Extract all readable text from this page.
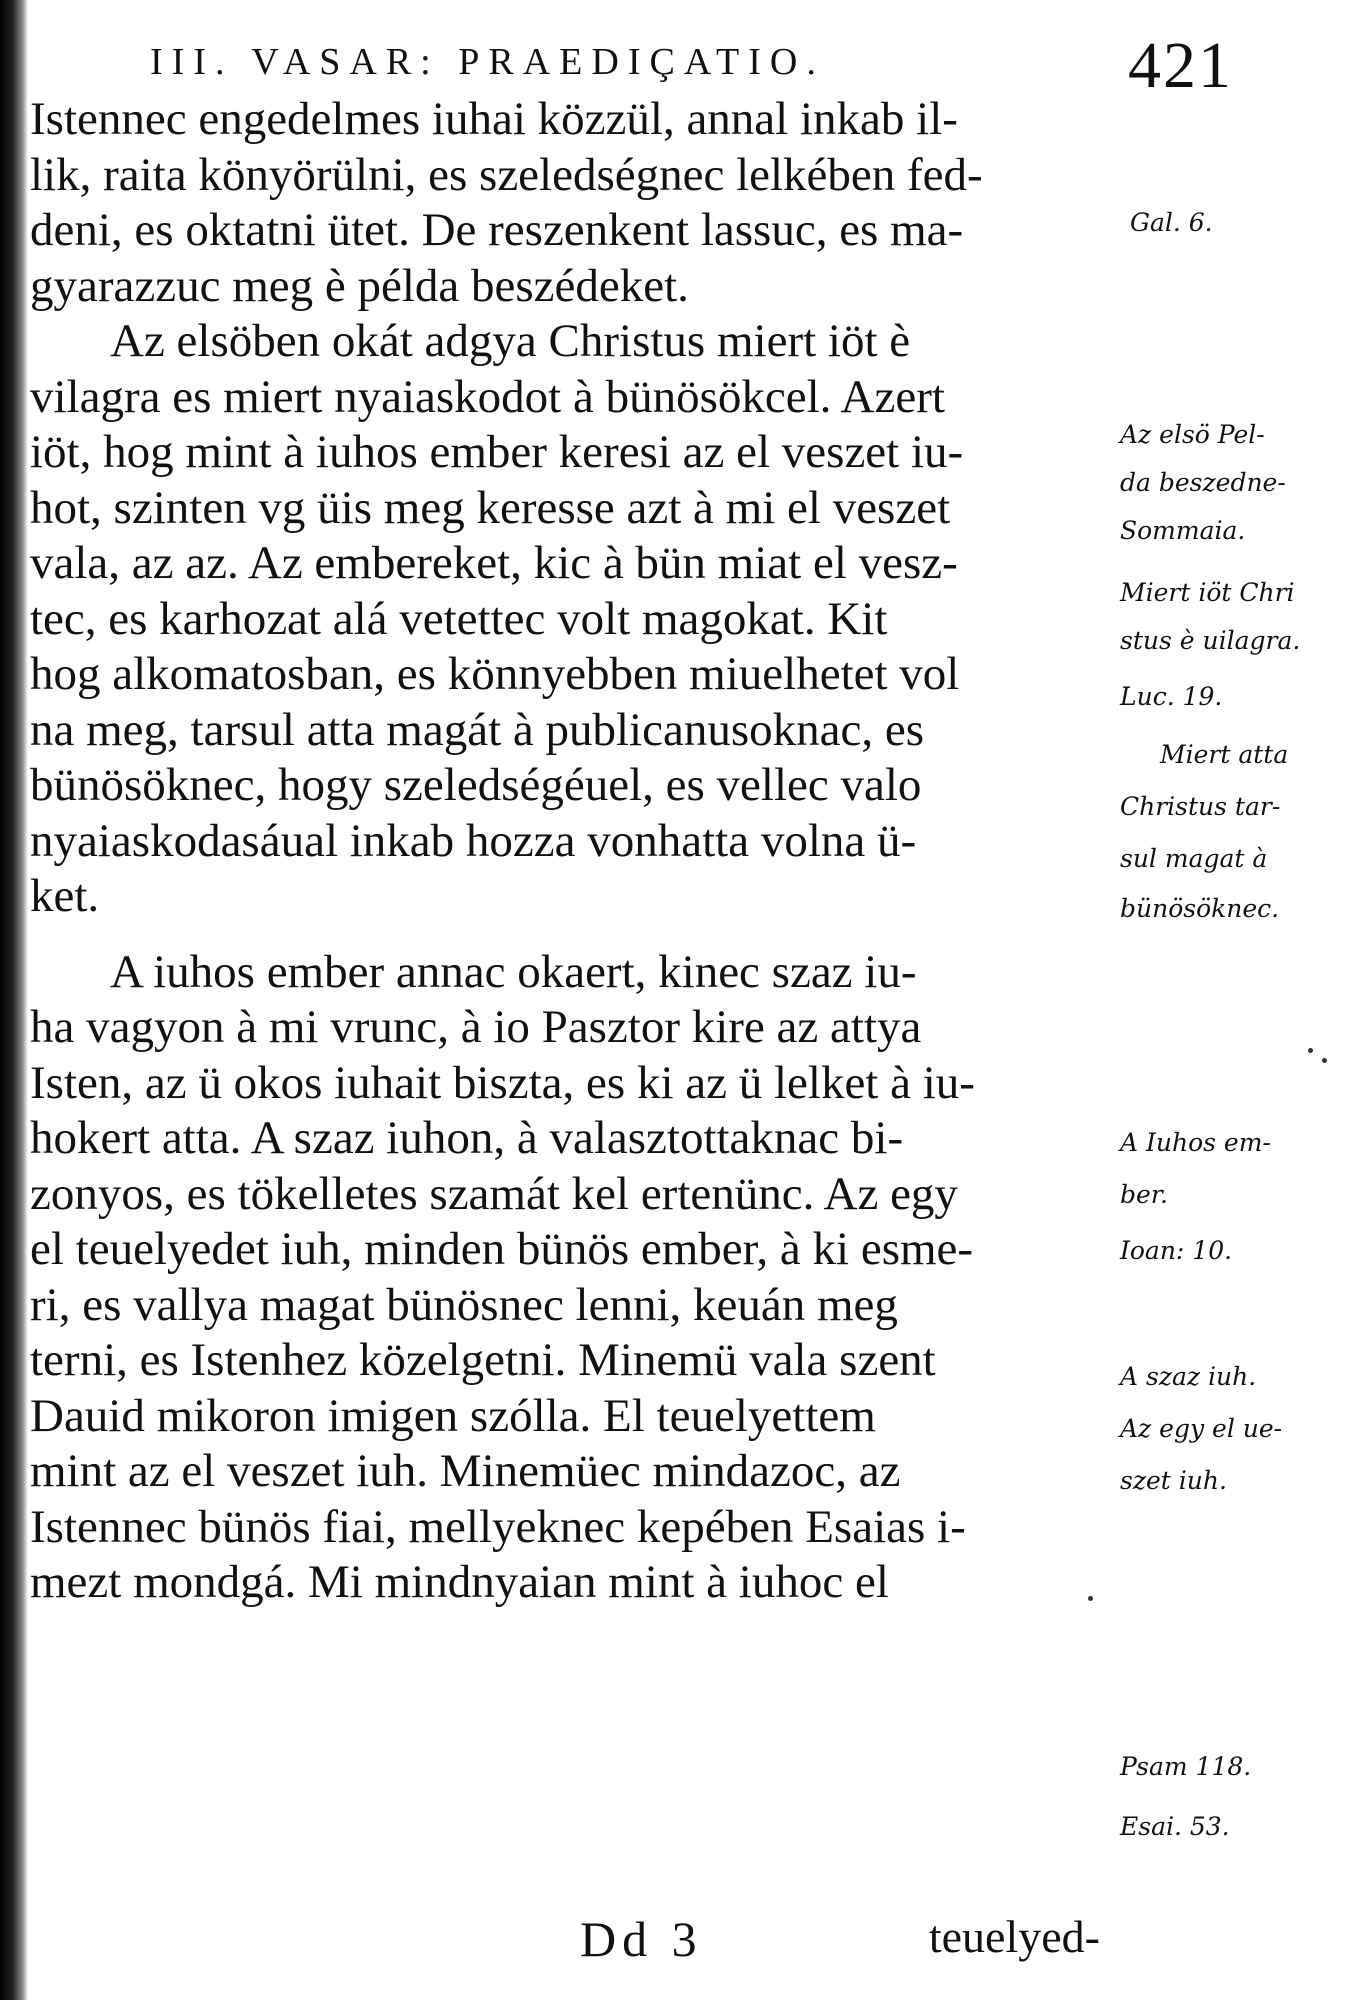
III. VASAR: PRAEDIÇATIO.	421
Istennec engedelmes iuhai közzül, annal inkab il-
lik, raita könyörülni, es szeledségnec lelkében fed-
deni, es oktatni ütet. De reszenkent lassuc, es ma-
gyarazzuc meg è példa beszédeket.
Az elsöben okát adgya Christus miert iöt è
vilagra es miert nyaiaskodot à bünösökcel. Azert
iöt, hog mint à iuhos ember keresi az el veszet iu-
hot, szinten vg üis meg keresse azt à mi el veszet
vala, az az. Az embereket, kic à bün miat el vesz-
tec, es karhozat alá vetettec volt magokat. Kit
hog alkomatosban, es könnyebben miuelhetet vol
na meg, tarsul atta magát à publicanusoknac, es
bünösöknec, hogy szeledségéuel, es vellec valo
nyaiaskodasáual inkab hozza vonhatta volna ü-
ket.
A iuhos ember annac okaert, kinec szaz iu-
ha vagyon à mi vrunc, à io Pasztor kire az attya
Isten, az ü okos iuhait biszta, es ki az ü lelket à iu-
hokert atta. A szaz iuhon, à valasztottaknac bi-
zonyos, es tökelletes szamát kel ertenünc. Az egy
el teuelyedet iuh, minden bünös ember, à ki esme-
ri, es vallya magat bünösnec lenni, keuán meg
terni, es Istenhez közelgetni. Minemü vala szent
Dauid mikoron imigen szólla. El teuelyettem
mint az el veszet iuh. Minemüec mindazoc, az
Istennec bünös fiai, mellyeknec kepében Esaias i-
mezt mondgá. Mi mindnyaian mint à iuhoc el
Gal. 6.
Az elsö Pel-
da beszedne-
Sommaia.
Miert iöt Chri
stus è uilagra.
Luc. 19.
Miert atta
Christus tar-
sul magat à
bünösöknec.
A Iuhos em-
ber.
Ioan: 10.
A szaz iuh.
Az egy el ue-
szet iuh.
Psam 118.
Esai. 53.
Dd 3	teuelyed-
